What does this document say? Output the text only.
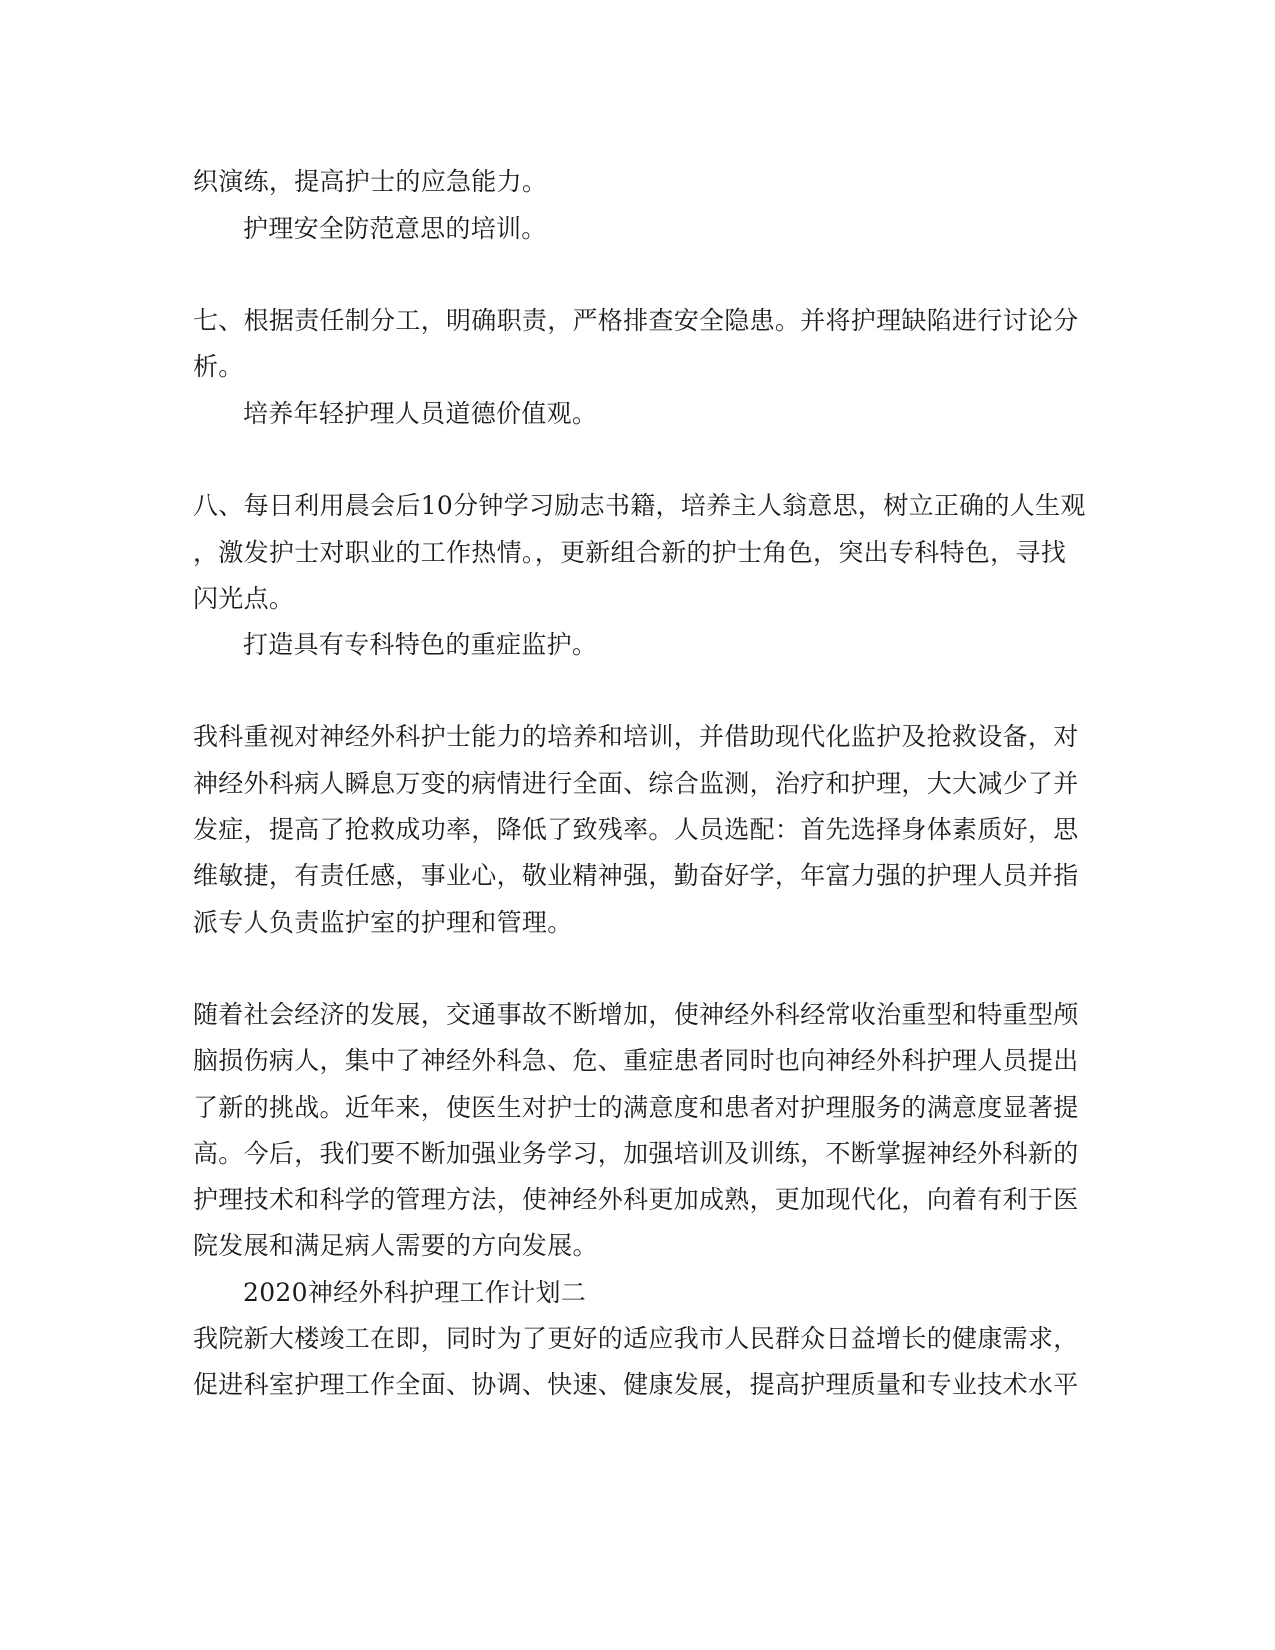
织演练，提高护士的应急能力。
护理安全防范意思的培训。
七、根据责任制分工，明确职责，严格排查安全隐患。并将护理缺陷进行讨论分
析。
培养年轻护理人员道德价值观。
八、每日利用晨会后10分钟学习励志书籍，培养主人翁意思，树立正确的人生观
，激发护士对职业的工作热情。，更新组合新的护士角色，突出专科特色，寻找
闪光点。
打造具有专科特色的重症监护。
我科重视对神经外科护士能力的培养和培训，并借助现代化监护及抢救设备，对
神经外科病人瞬息万变的病情进行全面、综合监测，治疗和护理，大大减少了并
发症，提高了抢救成功率，降低了致残率。人员选配：首先选择身体素质好，思
维敏捷，有责任感，事业心，敬业精神强，勤奋好学，年富力强的护理人员并指
派专人负责监护室的护理和管理。
随着社会经济的发展，交通事故不断增加，使神经外科经常收治重型和特重型颅
脑损伤病人，集中了神经外科急、危、重症患者同时也向神经外科护理人员提出
了新的挑战。近年来，使医生对护士的满意度和患者对护理服务的满意度显著提
高。今后，我们要不断加强业务学习，加强培训及训练，不断掌握神经外科新的
护理技术和科学的管理方法，使神经外科更加成熟，更加现代化，向着有利于医
院发展和满足病人需要的方向发展。
2020神经外科护理工作计划二
我院新大楼竣工在即，同时为了更好的适应我市人民群众日益增长的健康需求，
促进科室护理工作全面、协调、快速、健康发展，提高护理质量和专业技术水平
